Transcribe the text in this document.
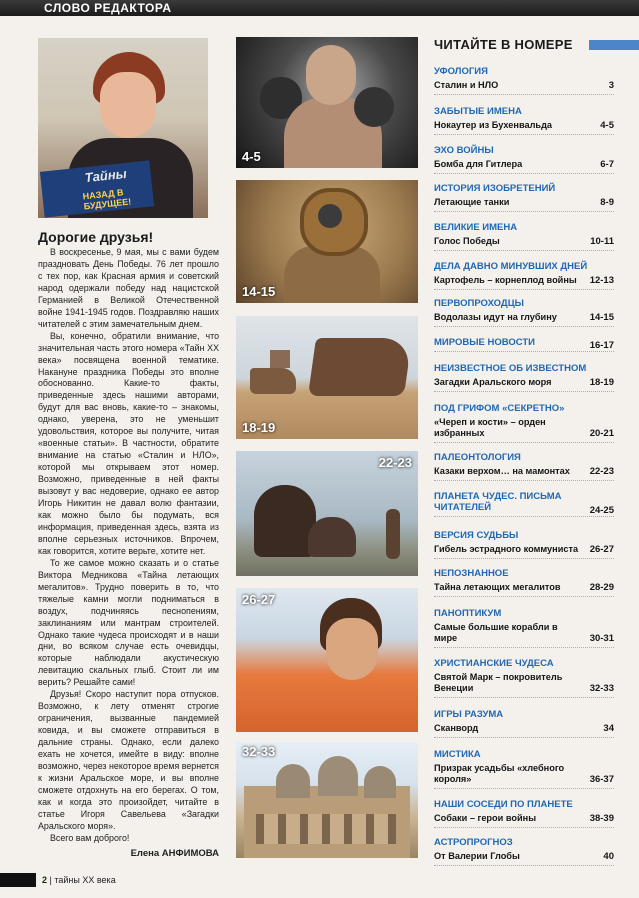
СЛОВО РЕДАКТОРА
Тайны
НАЗАД В БУДУЩЕЕ!
Дорогие друзья!

В воскресенье, 9 мая, мы с вами будем праздновать День Победы. 76 лет прошло с тех пор, как Красная армия и советский народ одержали победу над нацистской Германией в Великой Отечественной войне 1941-1945 годов. Поздравляю наших читателей с этим замечательным днем.

Вы, конечно, обратили внимание, что значительная часть этого номера «Тайн XX века» посвящена военной тематике. Накануне праздника Победы это вполне обоснованно. Какие-то факты, приведенные здесь нашими авторами, будут для вас вновь, какие-то – знакомы, однако, уверена, это не уменьшит удовольствия, которое вы получите, читая «военные статьи». В частности, обратите внимание на статью «Сталин и НЛО», которой мы открываем этот номер. Возможно, приведенные в ней факты вызовут у вас недоверие, однако ее автор Игорь Никитин не давал волю фантазии, как можно было бы подумать, вся информация, приведенная здесь, взята из вполне серьезных источников. Впрочем, как говорится, хотите верьте, хотите нет.

То же самое можно сказать и о статье Виктора Медникова «Тайна летающих мегалитов». Трудно поверить в то, что тяжелые камни могли подниматься в воздух, подчиняясь песнопениям, заклинаниям или мантрам строителей. Однако такие чудеса происходят и в наши дни, во всяком случае есть очевидцы, которые наблюдали акустическую левитацию скальных глыб. Стоит ли им верить? Решайте сами!

Друзья! Скоро наступит пора отпусков. Возможно, к лету отменят строгие ограничения, вызванные пандемией ковида, и вы сможете отправиться в дальние страны. Однако, если далеко ехать не хочется, имейте в виду: вполне возможно, через некоторое время вернется к жизни Аральское море, и вы вполне сможете отдохнуть на его берегах. О том, как и когда это произойдет, читайте в статье Игоря Савельева «Загадки Аральского моря».

Всего вам доброго!

Елена АНФИМОВА
4-5
14-15
18-19
22-23
26-27
32-33
ЧИТАЙТЕ В НОМЕРЕ
УФОЛОГИЯ
Сталин и НЛО	3
ЗАБЫТЫЕ ИМЕНА
Нокаутер из Бухенвальда	4-5
ЭХО ВОЙНЫ
Бомба для Гитлера	6-7
ИСТОРИЯ ИЗОБРЕТЕНИЙ
Летающие танки	8-9
ВЕЛИКИЕ ИМЕНА
Голос Победы	10-11
ДЕЛА ДАВНО МИНУВШИХ ДНЕЙ
Картофель – корнеплод войны	12-13
ПЕРВОПРОХОДЦЫ
Водолазы идут на глубину	14-15
МИРОВЫЕ НОВОСТИ	16-17
НЕИЗВЕСТНОЕ ОБ ИЗВЕСТНОМ
Загадки Аральского моря	18-19
ПОД ГРИФОМ «СЕКРЕТНО»
«Череп и кости» – орден избранных	20-21
ПАЛЕОНТОЛОГИЯ
Казаки верхом… на мамонтах	22-23
ПЛАНЕТА ЧУДЕС. ПИСЬМА ЧИТАТЕЛЕЙ	24-25
ВЕРСИЯ СУДЬБЫ
Гибель эстрадного коммуниста	26-27
НЕПОЗНАННОЕ
Тайна летающих мегалитов	28-29
ПАНОПТИКУМ
Самые большие корабли в мире	30-31
ХРИСТИАНСКИЕ ЧУДЕСА
Святой Марк – покровитель Венеции	32-33
ИГРЫ РАЗУМА
Сканворд	34
МИСТИКА
Призрак усадьбы «хлебного короля»	36-37
НАШИ СОСЕДИ ПО ПЛАНЕТЕ
Собаки – герои войны	38-39
АСТРОПРОГНОЗ
От Валерии Глобы	40
2 | тайны XX века
